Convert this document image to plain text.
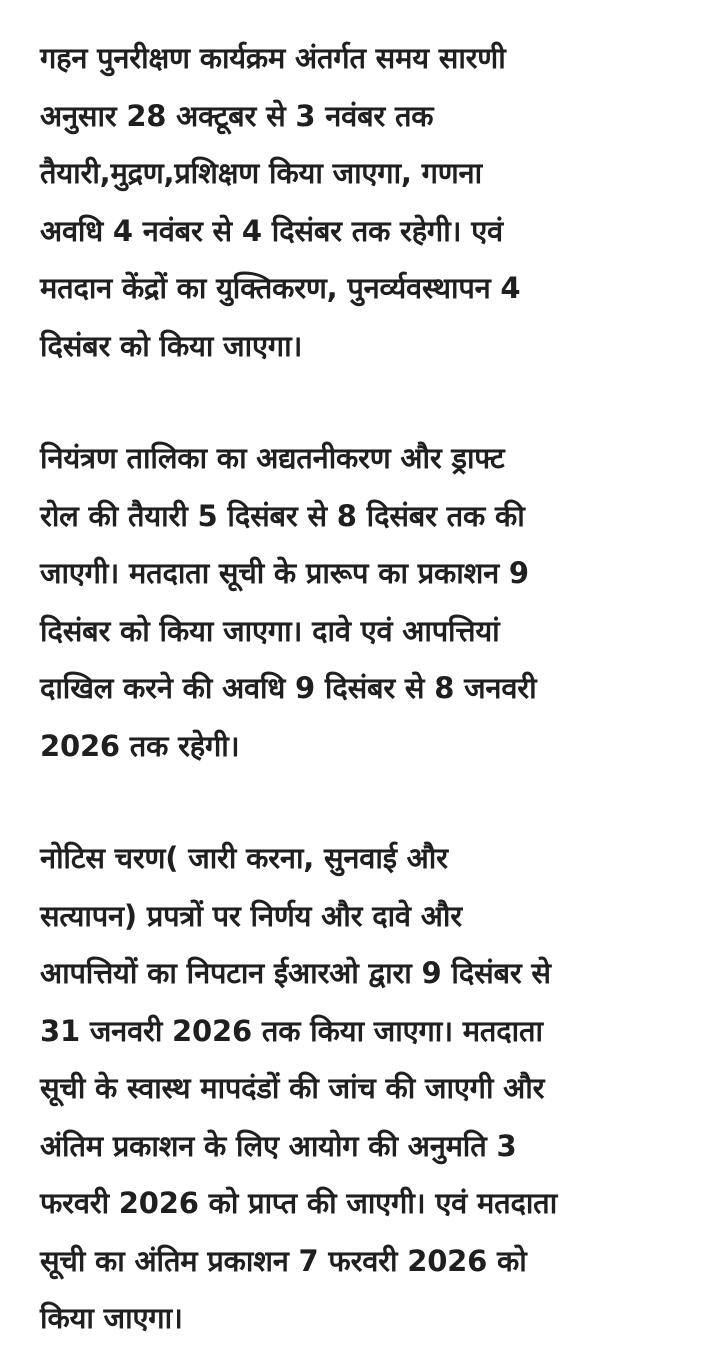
गहन पुनरीक्षण कार्यक्रम अंतर्गत समय सारणी
अनुसार 28 अक्टूबर से 3 नवंबर तक
तैयारी,मुद्रण,प्रशिक्षण किया जाएगा, गणना
अवधि 4 नवंबर से 4 दिसंबर तक रहेगी। एवं
मतदान केंद्रों का युक्तिकरण, पुनर्व्यवस्थापन 4
दिसंबर को किया जाएगा।

नियंत्रण तालिका का अद्यतनीकरण और ड्राफ्ट
रोल की तैयारी 5 दिसंबर से 8 दिसंबर तक की
जाएगी। मतदाता सूची के प्रारूप का प्रकाशन 9
दिसंबर को किया जाएगा। दावे एवं आपत्तियां
दाखिल करने की अवधि 9 दिसंबर से 8 जनवरी
2026 तक रहेगी।

नोटिस चरण( जारी करना, सुनवाई और
सत्यापन) प्रपत्रों पर निर्णय और दावे और
आपत्तियों का निपटान ईआरओ द्वारा 9 दिसंबर से
31 जनवरी 2026 तक किया जाएगा। मतदाता
सूची के स्वास्थ मापदंडों की जांच की जाएगी और
अंतिम प्रकाशन के लिए आयोग की अनुमति 3
फरवरी 2026 को प्राप्त की जाएगी। एवं मतदाता
सूची का अंतिम प्रकाशन 7 फरवरी 2026 को
किया जाएगा।
